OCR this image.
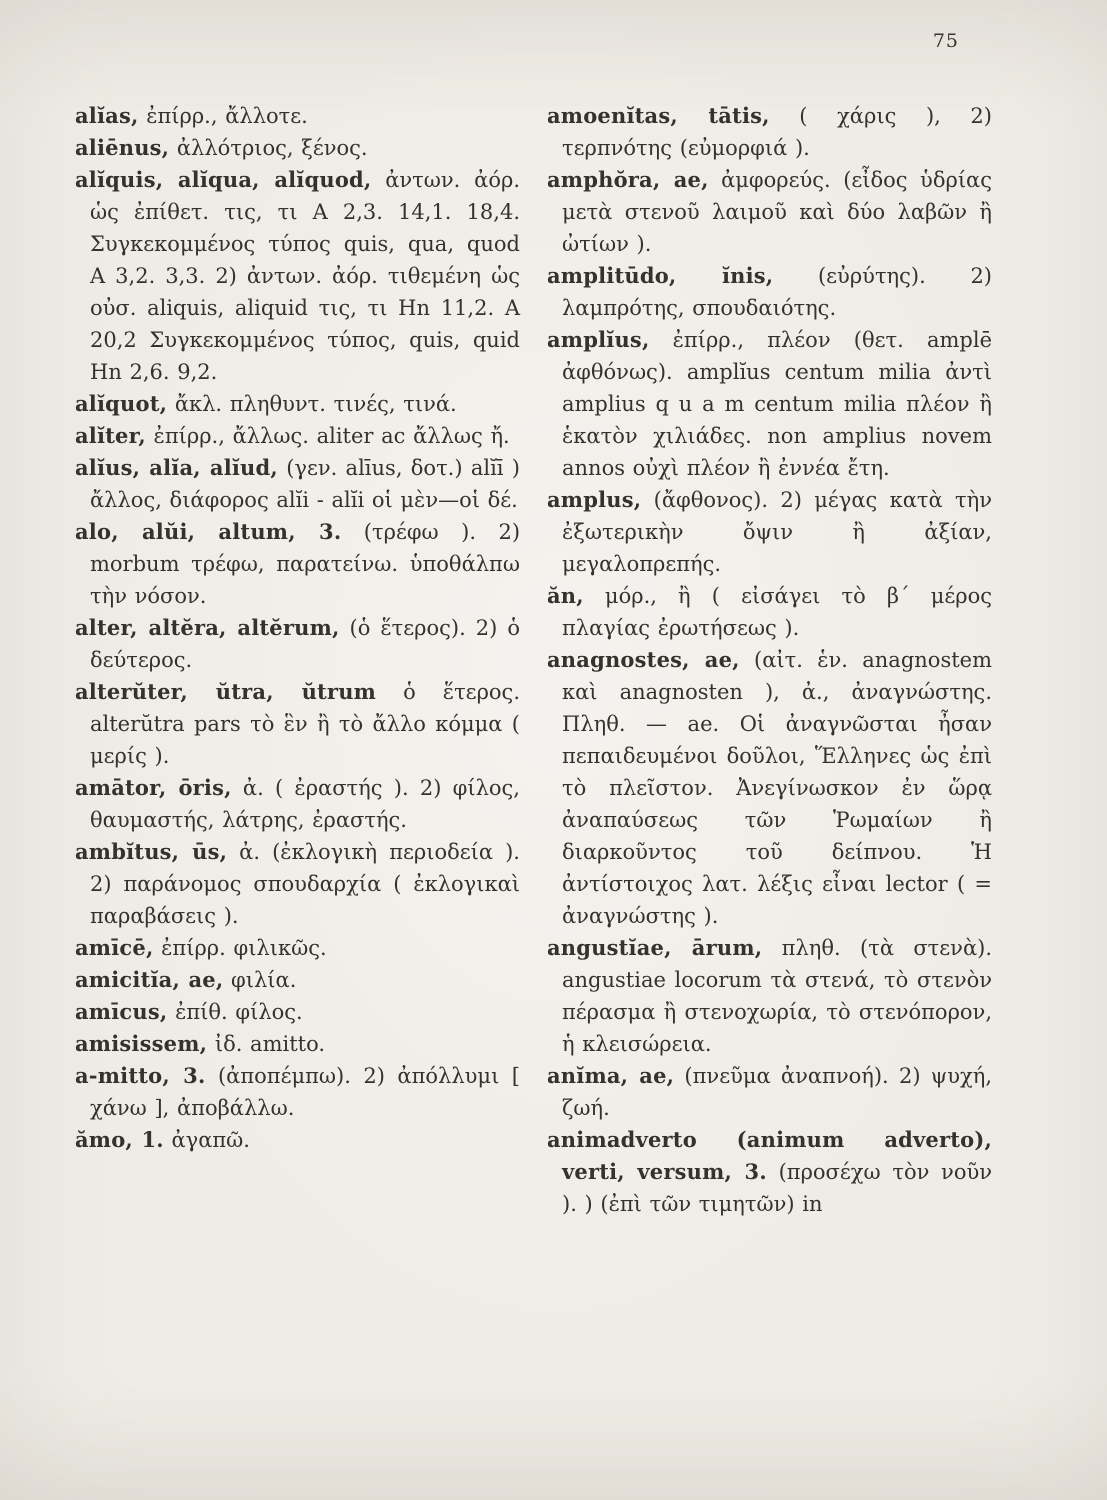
75

alĭas, ἐπίρρ., ἄλλοτε.

aliēnus, ἀλλότριος, ξένος.

alĭquis, alĭqua, alĭquod, ἀντων. ἀόρ. ὡς ἐπίθετ. τις, τι Α 2,3. 14,1. 18,4. Συγκεκομμένος τύπος quis, qua, quod Α 3,2. 3,3. 2) ἀντων. ἀόρ. τιθεμένη ὡς οὐσ. aliquis, aliquid τις, τι Hn 11,2. Α 20,2 Συγκεκομμένος τύπος, quis, quid Hn 2,6. 9,2.

alĭquot, ἄκλ. πληθυντ. τινές, τινά.

alĭter, ἐπίρρ., ἄλλως. aliter ac ἄλλως ἤ.

alĭus, alĭa, alĭud, (γεν. alīus, δοτ.) alĭī ) ἄλλος, διάφορος alĭi - alĭi οἱ μὲν—οἱ δέ.

alo, alŭi, altum, 3. (τρέφω ). 2) morbum τρέφω, παρατείνω. ὑποθάλπω τὴν νόσον.

alter, altĕra, altĕrum, (ὁ ἕτερος). 2) ὁ δεύτερος.

alterŭter, ŭtra, ŭtrum ὁ ἕτερος. alterŭtra pars τὸ ἓν ἢ τὸ ἄλλο κόμμα ( μερίς ).

amātor, ōris, ἀ. ( ἐραστής ). 2) φίλος, θαυμαστής, λάτρης, ἐραστής.

ambĭtus, ūs, ἀ. (ἐκλογικὴ περιοδεία ). 2) παράνομος σπουδαρχία ( ἐκλογικαὶ παραβάσεις ).

amīcē, ἐπίρρ. φιλικῶς.

amicitĭa, ae, φιλία.

amīcus, ἐπίθ. φίλος.

amisissem, ἰδ. amitto.

a-mitto, 3. (ἀποπέμπω). 2) ἀπόλλυμι [ χάνω ], ἀποβάλλω.

ămo, 1. ἀγαπῶ.

amoenĭtas, tātis, ( χάρις ), 2) τερπνότης (εὐμορφιά ).

amphŏra, ae, ἀμφορεύς. (εἶδος ὑδρίας μετὰ στενοῦ λαιμοῦ καὶ δύο λαβῶν ἢ ὠτίων ).

amplitūdo, ĭnis, (εὐρύτης). 2) λαμπρότης, σπουδαιότης.

amplĭus, ἐπίρρ., πλέον (θετ. amplē ἀφθόνως). amplĭus centum milia ἀντὶ amplius q u a m centum milia πλέον ἢ ἑκατὸν χιλιάδες. non amplius novem annos οὐχὶ πλέον ἢ ἐννέα ἔτη.

amplus, (ἄφθονος). 2) μέγας κατὰ τὴν ἐξωτερικὴν ὄψιν ἢ ἀξίαν, μεγαλοπρεπής.

ăn, μόρ., ἢ ( εἰσάγει τὸ β΄ μέρος πλαγίας ἐρωτήσεως ).

anagnostes, ae, (αἰτ. ἑν. anagnostem καὶ anagnosten ), ἀ., ἀναγνώστης. Πληθ. — ae. Οἱ ἀναγνῶσται ἦσαν πεπαιδευμένοι δοῦλοι, Ἕλληνες ὡς ἐπὶ τὸ πλεῖστον. Ἀνεγίνωσκον ἐν ὥρᾳ ἀναπαύσεως τῶν Ῥωμαίων ἢ διαρκοῦντος τοῦ δείπνου. Ἡ ἀντίστοιχος λατ. λέξις εἶναι lector ( = ἀναγνώστης ).

angustĭae, ārum, πληθ. (τὰ στενὰ). angustiae locorum τὰ στενά, τὸ στενὸν πέρασμα ἢ στενοχωρία, τὸ στενόπορον, ἡ κλεισώρεια.

anĭma, ae, (πνεῦμα ἀναπνοή). 2) ψυχή, ζωή.

animadverto (animum adverto), verti, versum, 3. (προσέχω τὸν νοῦν ). ) (ἐπὶ τῶν τιμητῶν) in
